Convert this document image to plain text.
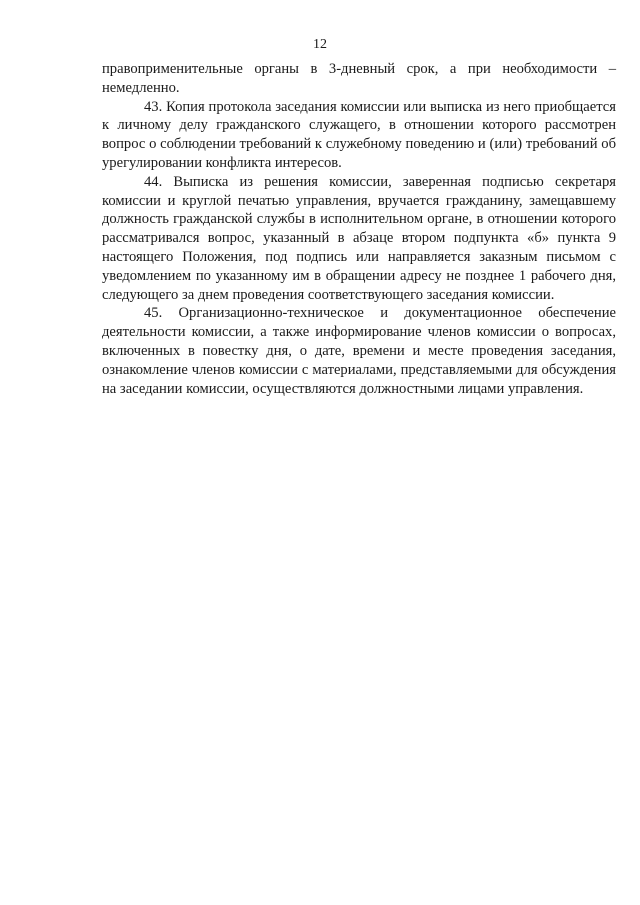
12

правоприменительные органы в 3-дневный срок, а при необходимости – немедленно.

43. Копия протокола заседания комиссии или выписка из него приобщается к личному делу гражданского служащего, в отношении которого рассмотрен вопрос о соблюдении требований к служебному поведению и (или) требований об урегулировании конфликта интересов.

44. Выписка из решения комиссии, заверенная подписью секретаря комиссии и круглой печатью управления, вручается гражданину, замещавшему должность гражданской службы в исполнительном органе, в отношении которого рассматривался вопрос, указанный в абзаце втором подпункта «б» пункта 9 настоящего Положения, под подпись или направляется заказным письмом с уведомлением по указанному им в обращении адресу не позднее 1 рабочего дня, следующего за днем проведения соответствующего заседания комиссии.

45. Организационно-техническое и документационное обеспечение деятельности комиссии, а также информирование членов комиссии о вопросах, включенных в повестку дня, о дате, времени и месте проведения заседания, ознакомление членов комиссии с материалами, представляемыми для обсуждения на заседании комиссии, осуществляются должностными лицами управления.
